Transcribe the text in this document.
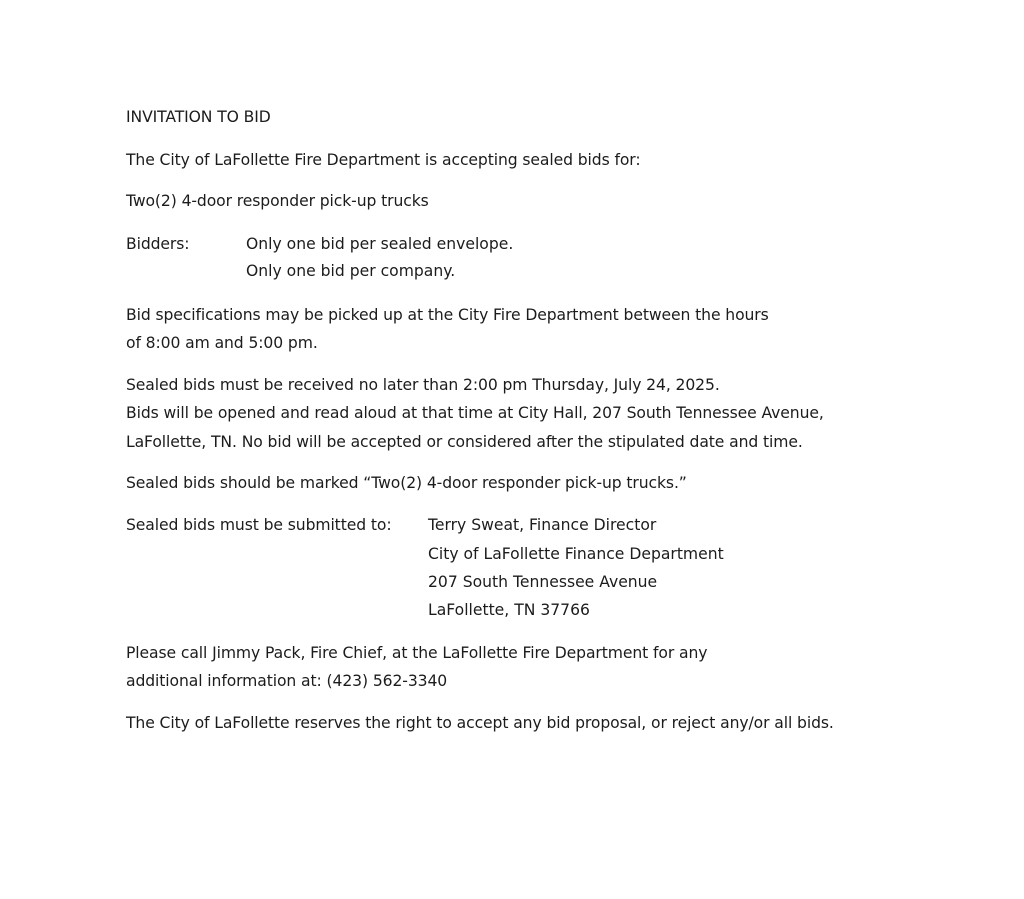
INVITATION TO BID
The City of LaFollette Fire Department is accepting sealed bids for:
Two(2) 4-door responder pick-up trucks
Bidders:	Only one bid per sealed envelope.
Only one bid per company.
Bid specifications may be picked up at the City Fire Department between the hours
of 8:00 am and 5:00 pm.
Sealed bids must be received no later than 2:00 pm Thursday, July 24, 2025.
Bids will be opened and read aloud at that time at City Hall, 207 South Tennessee Avenue,
LaFollette, TN. No bid will be accepted or considered after the stipulated date and time.
Sealed bids should be marked “Two(2) 4-door responder pick-up trucks.”
Sealed bids must be submitted to: Terry Sweat, Finance Director
City of LaFollette Finance Department
207 South Tennessee Avenue
LaFollette, TN 37766
Please call Jimmy Pack, Fire Chief, at the LaFollette Fire Department for any
additional information at: (423) 562-3340
The City of LaFollette reserves the right to accept any bid proposal, or reject any/or all bids.
